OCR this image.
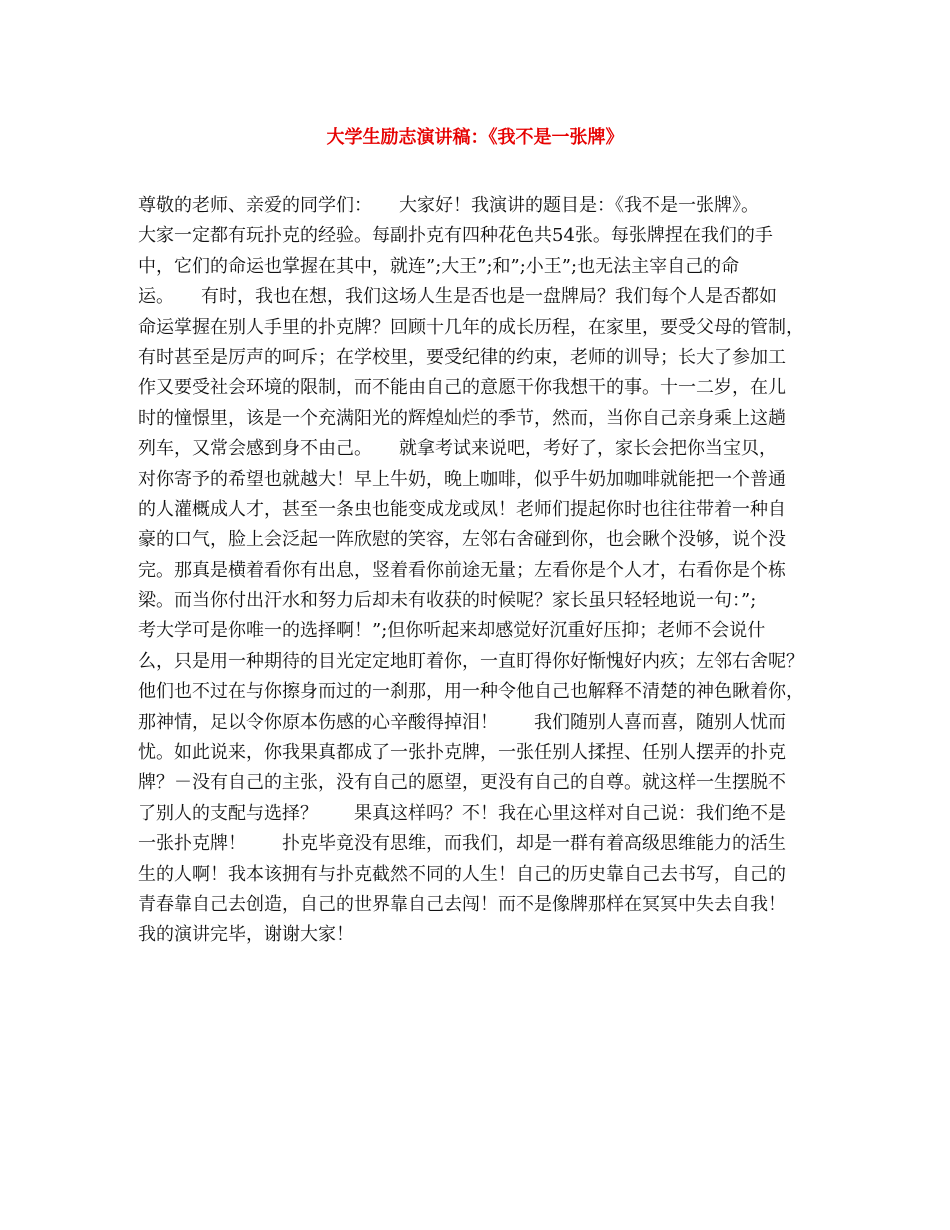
大学生励志演讲稿：《我不是一张牌》
尊敬的老师、亲爱的同学们：　　大家好！我演讲的题目是：《我不是一张牌》。
大家一定都有玩扑克的经验。每副扑克有四种花色共54张。每张牌捏在我们的手
中，它们的命运也掌握在其中，就连”;大王”;和”;小王”;也无法主宰自己的命
运。　　有时，我也在想，我们这场人生是否也是一盘牌局？我们每个人是否都如
命运掌握在别人手里的扑克牌？回顾十几年的成长历程，在家里，要受父母的管制，
有时甚至是厉声的呵斥；在学校里，要受纪律的约束，老师的训导；长大了参加工
作又要受社会环境的限制，而不能由自己的意愿干你我想干的事。十一二岁，在儿
时的憧憬里，该是一个充满阳光的辉煌灿烂的季节，然而，当你自己亲身乘上这趟
列车，又常会感到身不由己。　　就拿考试来说吧，考好了，家长会把你当宝贝，
对你寄予的希望也就越大！早上牛奶，晚上咖啡，似乎牛奶加咖啡就能把一个普通
的人灌概成人才，甚至一条虫也能变成龙或凤！老师们提起你时也往往带着一种自
豪的口气，脸上会泛起一阵欣慰的笑容，左邻右舍碰到你，也会瞅个没够，说个没
完。那真是横着看你有出息，竖着看你前途无量；左看你是个人才，右看你是个栋
梁。而当你付出汗水和努力后却未有收获的时候呢？家长虽只轻轻地说一句：”;
考大学可是你唯一的选择啊！”;但你听起来却感觉好沉重好压抑；老师不会说什
么，只是用一种期待的目光定定地盯着你，一直盯得你好惭愧好内疚；左邻右舍呢？
他们也不过在与你擦身而过的一刹那，用一种令他自己也解释不清楚的神色瞅着你，
那神情，足以令你原本伤感的心辛酸得掉泪！　　我们随别人喜而喜，随别人忧而
忧。如此说来，你我果真都成了一张扑克牌，一张任别人揉捏、任别人摆弄的扑克
牌？－没有自己的主张，没有自己的愿望，更没有自己的自尊。就这样一生摆脱不
了别人的支配与选择？　　果真这样吗？不！我在心里这样对自己说：我们绝不是
一张扑克牌！　　扑克毕竟没有思维，而我们，却是一群有着高级思维能力的活生
生的人啊！我本该拥有与扑克截然不同的人生！自己的历史靠自己去书写，自己的
青春靠自己去创造，自己的世界靠自己去闯！而不是像牌那样在冥冥中失去自我！
我的演讲完毕，谢谢大家！
